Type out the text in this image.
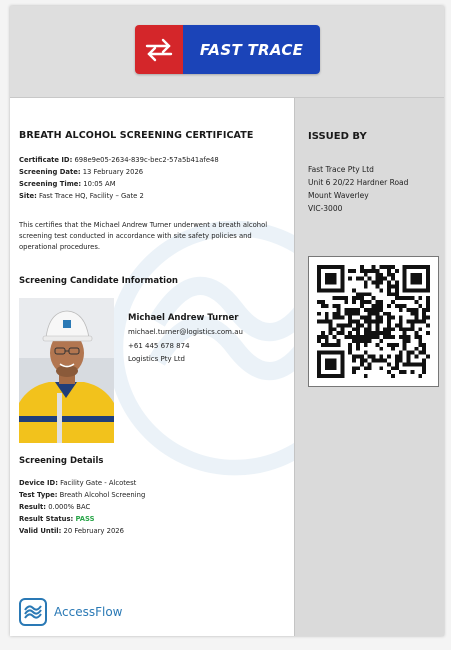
FAST TRACE
BREATH ALCOHOL SCREENING CERTIFICATE
Certificate ID: 698e9e05-2634-839c-bec2-57a5b41afe48
Screening Date: 13 February 2026
Screening Time: 10:05 AM
Site: Fast Trace HQ, Facility – Gate 2
This certifies that the Michael Andrew Turner underwent a breath alcohol screening test conducted in accordance with site safety policies and operational procedures.
Screening Candidate Information
Michael Andrew Turner
michael.turner@logistics.com.au
+61 445 678 874
Logistics Pty Ltd
Screening Details
Device ID: Facility Gate - Alcotest
Test Type: Breath Alcohol Screening
Result: 0.000% BAC
Result Status: PASS
Valid Until: 20 February 2026
AccessFlow
ISSUED BY
Fast Trace Pty Ltd
Unit 6 20/22 Hardner Road
Mount Waverley
VIC-3000
